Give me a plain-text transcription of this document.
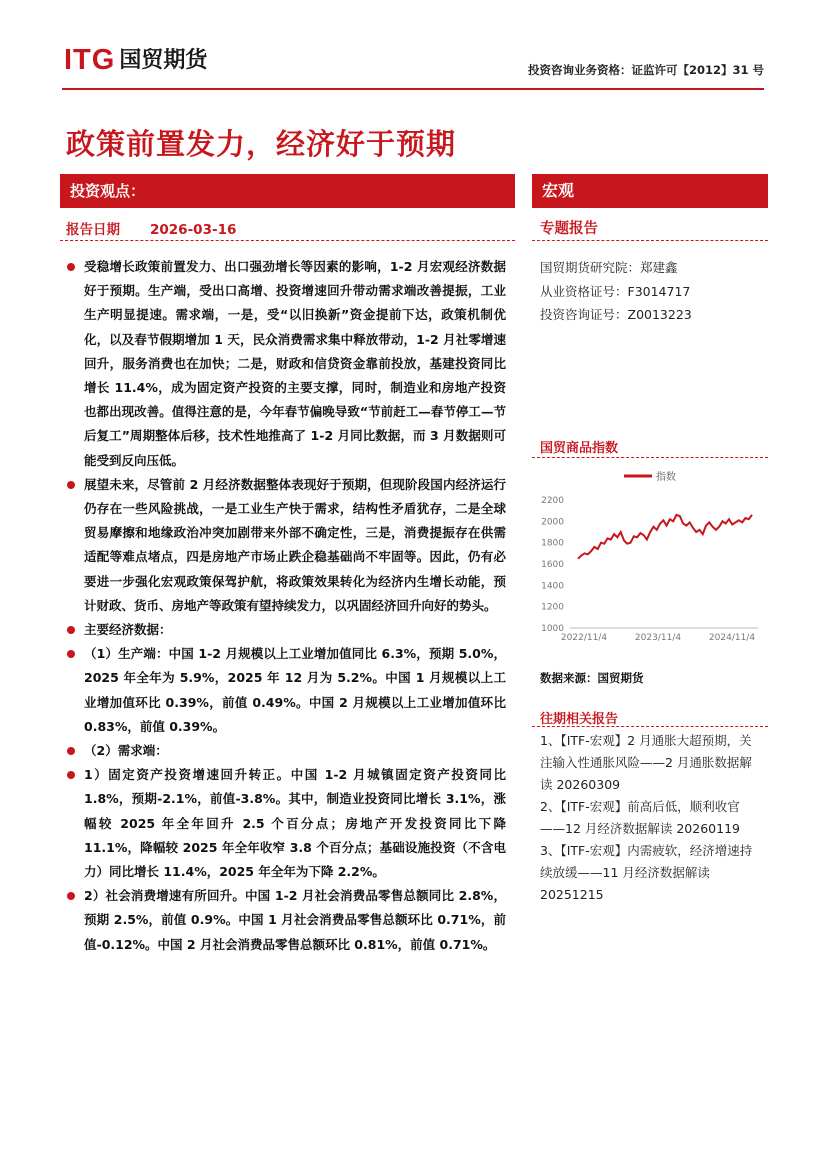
ITG 国贸期货	投资咨询业务资格：证监许可【2012】31 号
政策前置发力，经济好于预期
投资观点：	宏观
报告日期 2026-03-16	专题报告
国贸期货研究院：郑建鑫
从业资格证号：F3014717
投资咨询证号：Z0013223
国贸商品指数
1000
1200
1400
1600
1800
2000
2200
2022/11/4	2023/11/4	2024/11/4
指数
数据来源：国贸期货
往期相关报告
1、【ITF-宏观】2 月通胀大超预期，关注输入性通胀风险——2 月通胀数据解读 20260309
2、【ITF-宏观】前高后低，顺利收官——12 月经济数据解读 20260119
3、【ITF-宏观】内需疲软，经济增速持续放缓——11 月经济数据解读 20251215

受稳增长政策前置发力、出口强劲增长等因素的影响，1-2 月宏观经济数据好于预期。生产端，受出口高增、投资增速回升带动需求端改善提振，工业生产明显提速。需求端，一是，受“以旧换新”资金提前下达，政策机制优化，以及春节假期增加 1 天，民众消费需求集中释放带动，1-2 月社零增速回升，服务消费也在加快；二是，财政和信贷资金靠前投放，基建投资同比增长 11.4%，成为固定资产投资的主要支撑，同时，制造业和房地产投资也都出现改善。值得注意的是，今年春节偏晚导致“节前赶工—春节停工—节后复工”周期整体后移，技术性地推高了 1-2 月同比数据，而 3 月数据则可能受到反向压低。

展望未来，尽管前 2 月经济数据整体表现好于预期，但现阶段国内经济运行仍存在一些风险挑战，一是工业生产快于需求，结构性矛盾犹存，二是全球贸易摩擦和地缘政治冲突加剧带来外部不确定性，三是，消费提振存在供需适配等难点堵点，四是房地产市场止跌企稳基础尚不牢固等。因此，仍有必要进一步强化宏观政策保驾护航，将政策效果转化为经济内生增长动能，预计财政、货币、房地产等政策有望持续发力，以巩固经济回升向好的势头。

主要经济数据：

（1）生产端：中国 1-2 月规模以上工业增加值同比 6.3%，预期 5.0%，2025 年全年为 5.9%，2025 年 12 月为 5.2%。中国 1 月规模以上工业增加值环比 0.39%，前值 0.49%。中国 2 月规模以上工业增加值环比 0.83%，前值 0.39%。

（2）需求端：

1）固定资产投资增速回升转正。中国 1-2 月城镇固定资产投资同比 1.8%，预期-2.1%，前值-3.8%。其中，制造业投资同比增长 3.1%，涨幅较 2025 年全年回升 2.5 个百分点；房地产开发投资同比下降 11.1%，降幅较 2025 年全年收窄 3.8 个百分点；基础设施投资（不含电力）同比增长 11.4%，2025 年全年为下降 2.2%。

2）社会消费增速有所回升。中国 1-2 月社会消费品零售总额同比 2.8%，预期 2.5%，前值 0.9%。中国 1 月社会消费品零售总额环比 0.71%，前值-0.12%。中国 2 月社会消费品零售总额环比 0.81%，前值 0.71%。
